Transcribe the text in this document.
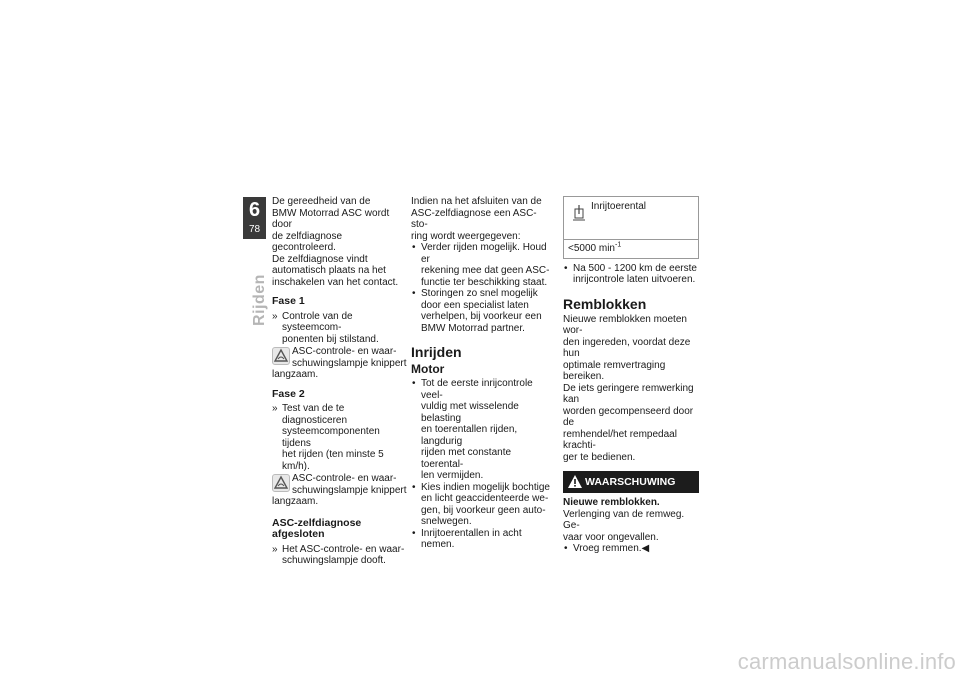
6
78
Rijden

De gereedheid van de

BMW Motorrad ASC wordt door

de zelfdiagnose gecontroleerd.

De zelfdiagnose vindt

automatisch plaats na het

inschakelen van het contact.

Fase 1
» Controle van de systeemcom-

ponenten bij stilstand.

ASC-controle- en waar-

schuwingslampje knippert

langzaam.

Fase 2
» Test van de te diagnosticeren

systeemcomponenten tijdens

het rijden (ten minste 5 km/h).

ASC-controle- en waar-

schuwingslampje knippert

langzaam.

ASC-zelfdiagnose afgesloten
» Het ASC-controle- en waar-

schuwingslampje dooft.

Indien na het afsluiten van de

ASC-zelfdiagnose een ASC-sto-

ring wordt weergegeven:

• Verder rijden mogelijk. Houd er

rekening mee dat geen ASC-

functie ter beschikking staat.

• Storingen zo snel mogelijk

door een specialist laten

verhelpen, bij voorkeur een

BMW Motorrad partner.

Inrijden
Motor
• Tot de eerste inrijcontrole veel-

vuldig met wisselende belasting

en toerentallen rijden, langdurig

rijden met constante toerental-

len vermijden.

• Kies indien mogelijk bochtige

en licht geaccidenteerde we-

gen, bij voorkeur geen auto-

snelwegen.

• Inrijtoerentallen in acht nemen.

Inrijtoerental
<5000 $\min^{-1}$
• Na 500 - 1200 km de eerste

inrijcontrole laten uitvoeren.

Remblokken

Nieuwe remblokken moeten wor-

den ingereden, voordat deze hun

optimale remvertraging bereiken.

De iets geringere remwerking kan

worden gecompenseerd door de

remhendel/het rempedaal krachti-

ger te bedienen.

WAARSCHUWING

Nieuwe remblokken.

Verlenging van de remweg. Ge-

vaar voor ongevallen.

• Vroeg remmen.◀

carmanualsonline.info
